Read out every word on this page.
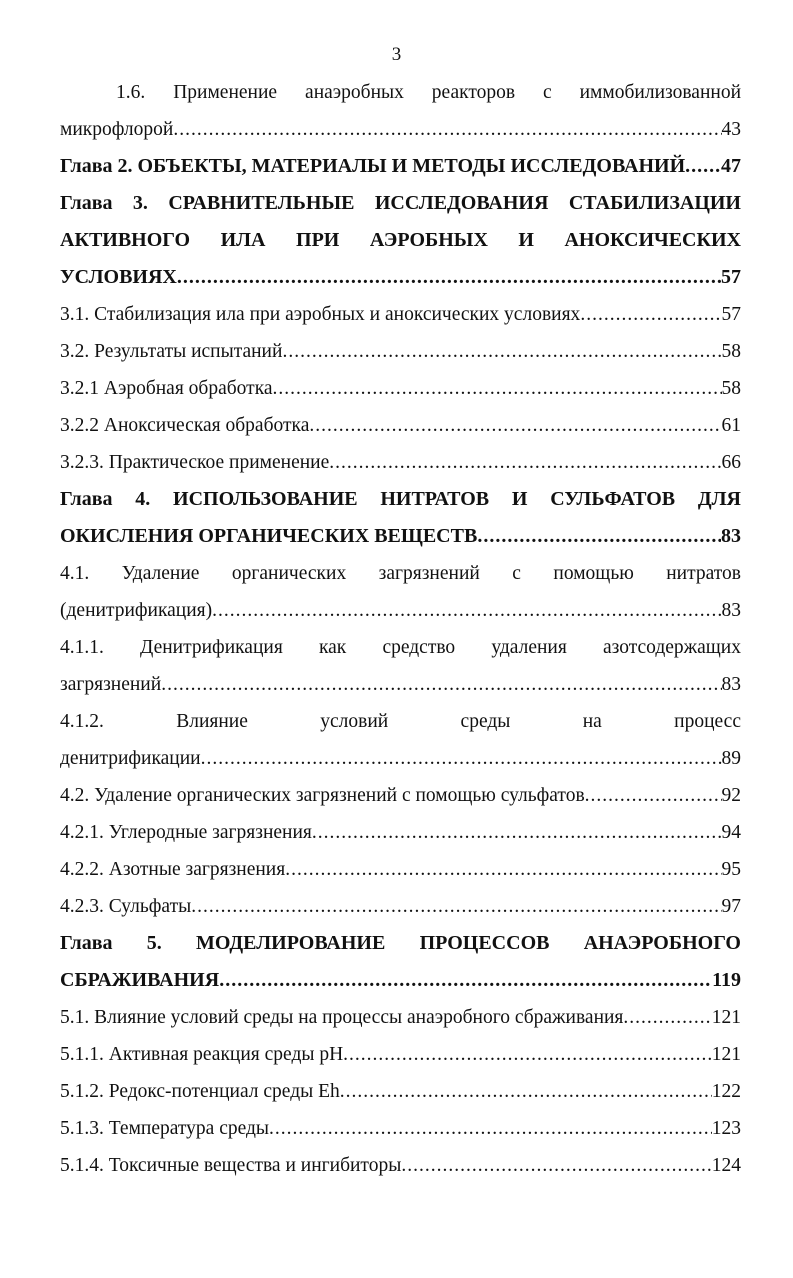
3
1.6. Применение анаэробных реакторов с иммобилизованной
микрофлорой .....	43
Глава 2. ОБЪЕКТЫ, МАТЕРИАЛЫ И МЕТОДЫ ИССЛЕДОВАНИЙ ..... 47
Глава 3. СРАВНИТЕЛЬНЫЕ ИССЛЕДОВАНИЯ СТАБИЛИЗАЦИИ
АКТИВНОГО ИЛА ПРИ АЭРОБНЫХ И АНОКСИЧЕСКИХ
УСЛОВИЯХ .....	57
3.1. Стабилизация ила при аэробных и аноксических условиях .....	57
3.2. Результаты испытаний .....	58
3.2.1 Аэробная обработка .....	58
3.2.2 Аноксическая обработка .....	61
3.2.3. Практическое применение .....	66
Глава 4. ИСПОЛЬЗОВАНИЕ НИТРАТОВ И СУЛЬФАТОВ ДЛЯ
ОКИСЛЕНИЯ ОРГАНИЧЕСКИХ ВЕЩЕСТВ .....	83
4.1. Удаление органических загрязнений с помощью нитратов
(денитрификация) .....	83
4.1.1. Денитрификация как средство удаления азотсодержащих
загрязнений .....	83
4.1.2. Влияние условий среды на процесс
денитрификации .....	89
4.2. Удаление органических загрязнений с помощью сульфатов .....	92
4.2.1. Углеродные загрязнения .....	94
4.2.2. Азотные загрязнения .....	95
4.2.3. Сульфаты .....	97
Глава 5. МОДЕЛИРОВАНИЕ ПРОЦЕССОВ АНАЭРОБНОГО
СБРАЖИВАНИЯ .....	119
5.1. Влияние условий среды на процессы анаэробного сбраживания .....	121
5.1.1. Активная реакция среды pH .....	121
5.1.2. Редокс-потенциал среды Eh .....	122
5.1.3. Температура среды .....	123
5.1.4. Токсичные вещества и ингибиторы .....	124
